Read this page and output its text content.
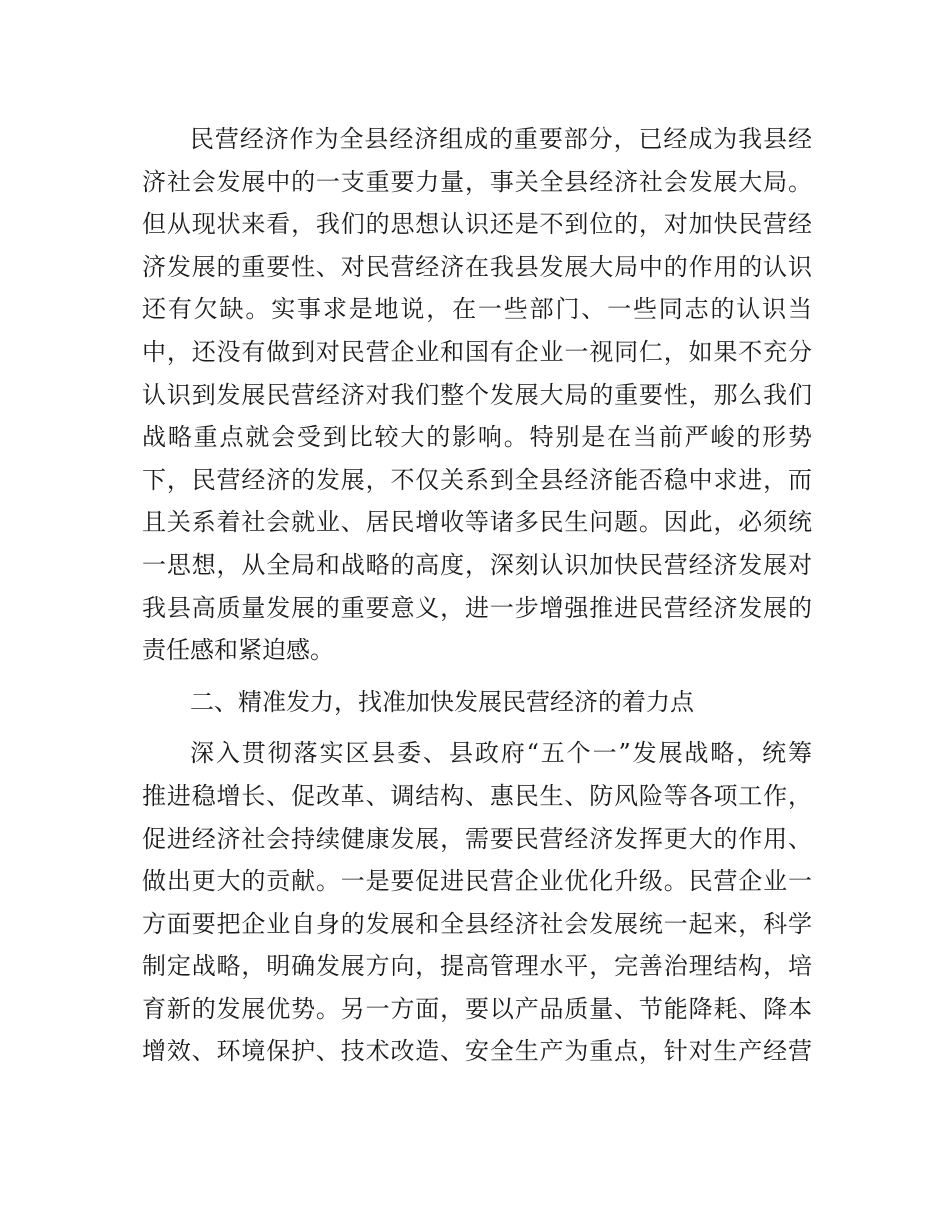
民营经济作为全县经济组成的重要部分，已经成为我县经
济社会发展中的一支重要力量，事关全县经济社会发展大局。
但从现状来看，我们的思想认识还是不到位的，对加快民营经
济发展的重要性、对民营经济在我县发展大局中的作用的认识
还有欠缺。实事求是地说，在一些部门、一些同志的认识当
中，还没有做到对民营企业和国有企业一视同仁，如果不充分
认识到发展民营经济对我们整个发展大局的重要性，那么我们
战略重点就会受到比较大的影响。特别是在当前严峻的形势
下，民营经济的发展，不仅关系到全县经济能否稳中求进，而
且关系着社会就业、居民增收等诸多民生问题。因此，必须统
一思想，从全局和战略的高度，深刻认识加快民营经济发展对
我县高质量发展的重要意义，进一步增强推进民营经济发展的
责任感和紧迫感。
二、精准发力，找准加快发展民营经济的着力点
深入贯彻落实区县委、县政府“五个一”发展战略，统筹
推进稳增长、促改革、调结构、惠民生、防风险等各项工作，
促进经济社会持续健康发展，需要民营经济发挥更大的作用、
做出更大的贡献。一是要促进民营企业优化升级。民营企业一
方面要把企业自身的发展和全县经济社会发展统一起来，科学
制定战略，明确发展方向，提高管理水平，完善治理结构，培
育新的发展优势。另一方面，要以产品质量、节能降耗、降本
增效、环境保护、技术改造、安全生产为重点，针对生产经营
